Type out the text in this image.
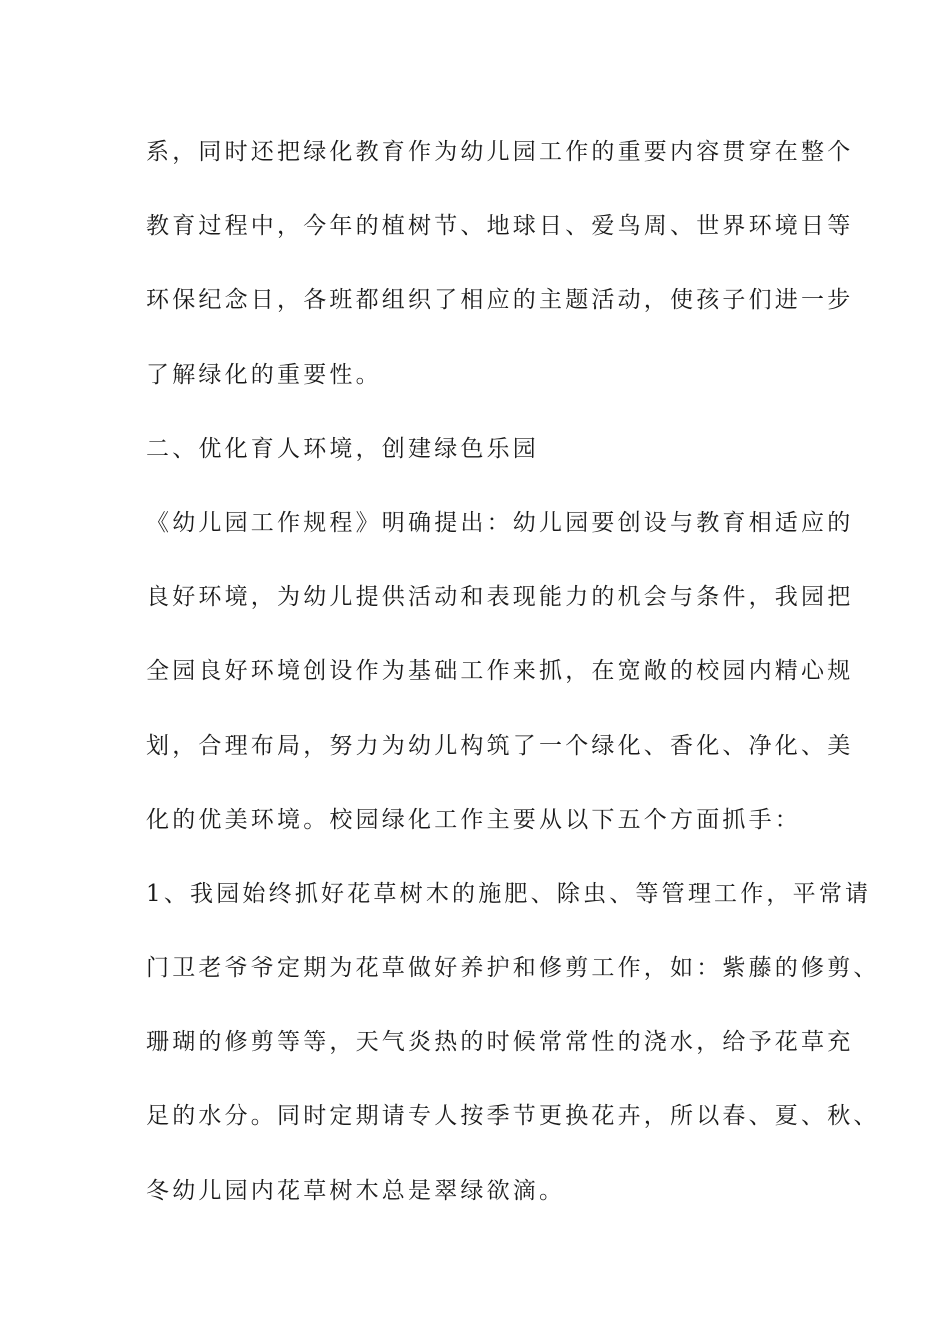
系，同时还把绿化教育作为幼儿园工作的重要内容贯穿在整个
教育过程中，今年的植树节、地球日、爱鸟周、世界环境日等
环保纪念日，各班都组织了相应的主题活动，使孩子们进一步
了解绿化的重要性。
二、优化育人环境，创建绿色乐园
《幼儿园工作规程》明确提出：幼儿园要创设与教育相适应的
良好环境，为幼儿提供活动和表现能力的机会与条件，我园把
全园良好环境创设作为基础工作来抓，在宽敞的校园内精心规
划，合理布局，努力为幼儿构筑了一个绿化、香化、净化、美
化的优美环境。校园绿化工作主要从以下五个方面抓手：
1、我园始终抓好花草树木的施肥、除虫、等管理工作，平常请
门卫老爷爷定期为花草做好养护和修剪工作，如：紫藤的修剪、
珊瑚的修剪等等，天气炎热的时候常常性的浇水，给予花草充
足的水分。同时定期请专人按季节更换花卉，所以春、夏、秋、
冬幼儿园内花草树木总是翠绿欲滴。
